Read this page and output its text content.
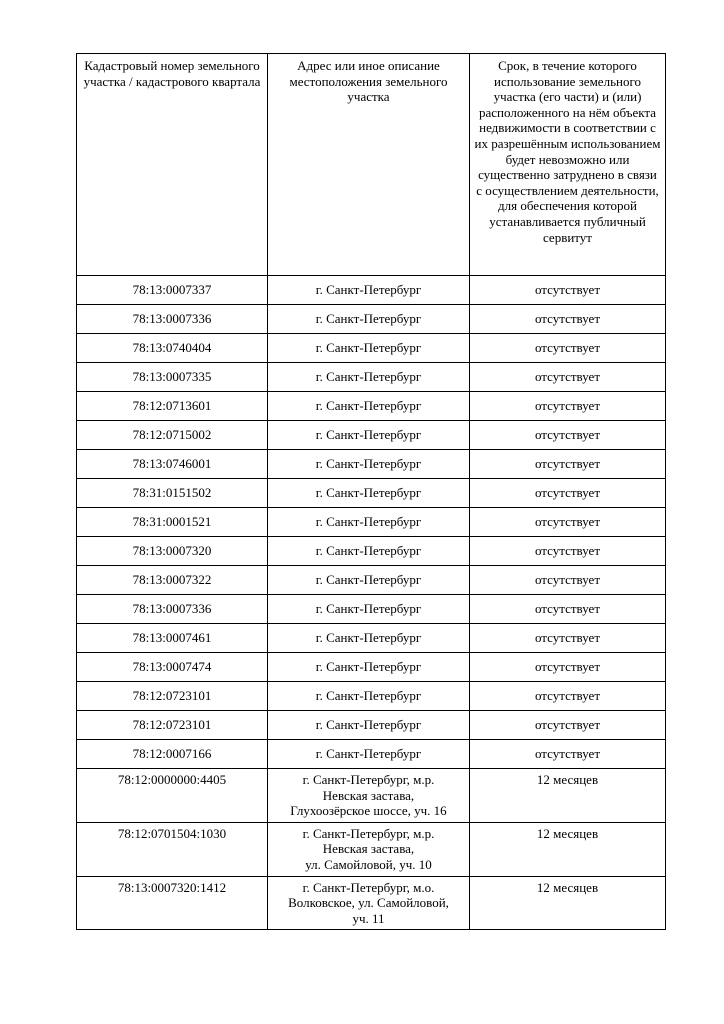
Кадастровый номер земельного участка / кадастрового квартала	Адрес или иное описание местоположения земельного участка	Срок, в течение которого использование земельного участка (его части) и (или) расположенного на нём объекта недвижимости в соответствии с их разрешённым использованием будет невозможно или существенно затруднено в связи с осуществлением деятельности, для обеспечения которой устанавливается публичный сервитут
78:13:0007337	г. Санкт-Петербург	отсутствует
78:13:0007336	г. Санкт-Петербург	отсутствует
78:13:0740404	г. Санкт-Петербург	отсутствует
78:13:0007335	г. Санкт-Петербург	отсутствует
78:12:0713601	г. Санкт-Петербург	отсутствует
78:12:0715002	г. Санкт-Петербург	отсутствует
78:13:0746001	г. Санкт-Петербург	отсутствует
78:31:0151502	г. Санкт-Петербург	отсутствует
78:31:0001521	г. Санкт-Петербург	отсутствует
78:13:0007320	г. Санкт-Петербург	отсутствует
78:13:0007322	г. Санкт-Петербург	отсутствует
78:13:0007336	г. Санкт-Петербург	отсутствует
78:13:0007461	г. Санкт-Петербург	отсутствует
78:13:0007474	г. Санкт-Петербург	отсутствует
78:12:0723101	г. Санкт-Петербург	отсутствует
78:12:0723101	г. Санкт-Петербург	отсутствует
78:12:0007166	г. Санкт-Петербург	отсутствует
78:12:0000000:4405	г. Санкт-Петербург, м.р.
Невская застава,
Глухоозёрское шоссе, уч. 16	12 месяцев
78:12:0701504:1030	г. Санкт-Петербург, м.р.
Невская застава,
ул. Самойловой, уч. 10	12 месяцев
78:13:0007320:1412	г. Санкт-Петербург, м.о.
Волковское, ул. Самойловой,
уч. 11	12 месяцев
